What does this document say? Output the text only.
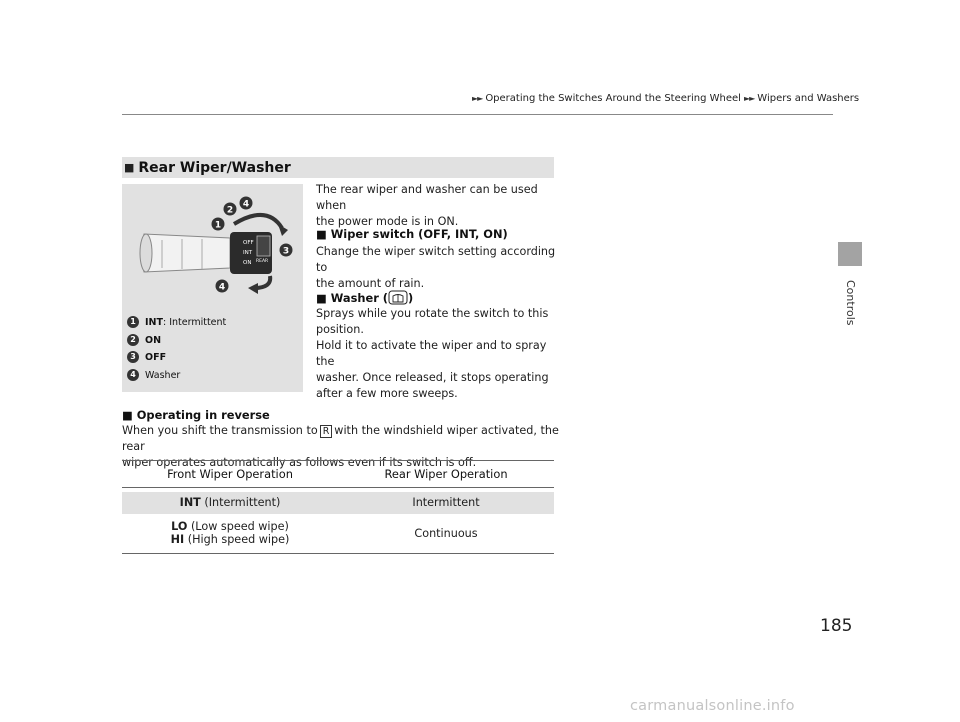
►► Operating the Switches Around the Steering Wheel ►► Wipers and Washers
Controls
■ Rear Wiper/Washer
OFF
INT
ON REAR
1
2
4
3
4
1 INT : Intermittent
2 ON
3 OFF
4 Washer
The rear wiper and washer can be used when
the power mode is in ON.
■ Wiper switch (OFF, INT, ON)
Change the wiper switch setting according to
the amount of rain.
■ Washer ( )
Sprays while you rotate the switch to this
position.
Hold it to activate the wiper and to spray the
washer. Once released, it stops operating
after a few more sweeps.
■ Operating in reverse
When you shift the transmission to R with the windshield wiper activated, the rear
wiper operates automatically as follows even if its switch is off.
Front Wiper Operation	Rear Wiper Operation

INT (Intermittent)	Intermittent

LO (Low speed wipe)
HI (High speed wipe)	Continuous
185
carmanualsonline.info
